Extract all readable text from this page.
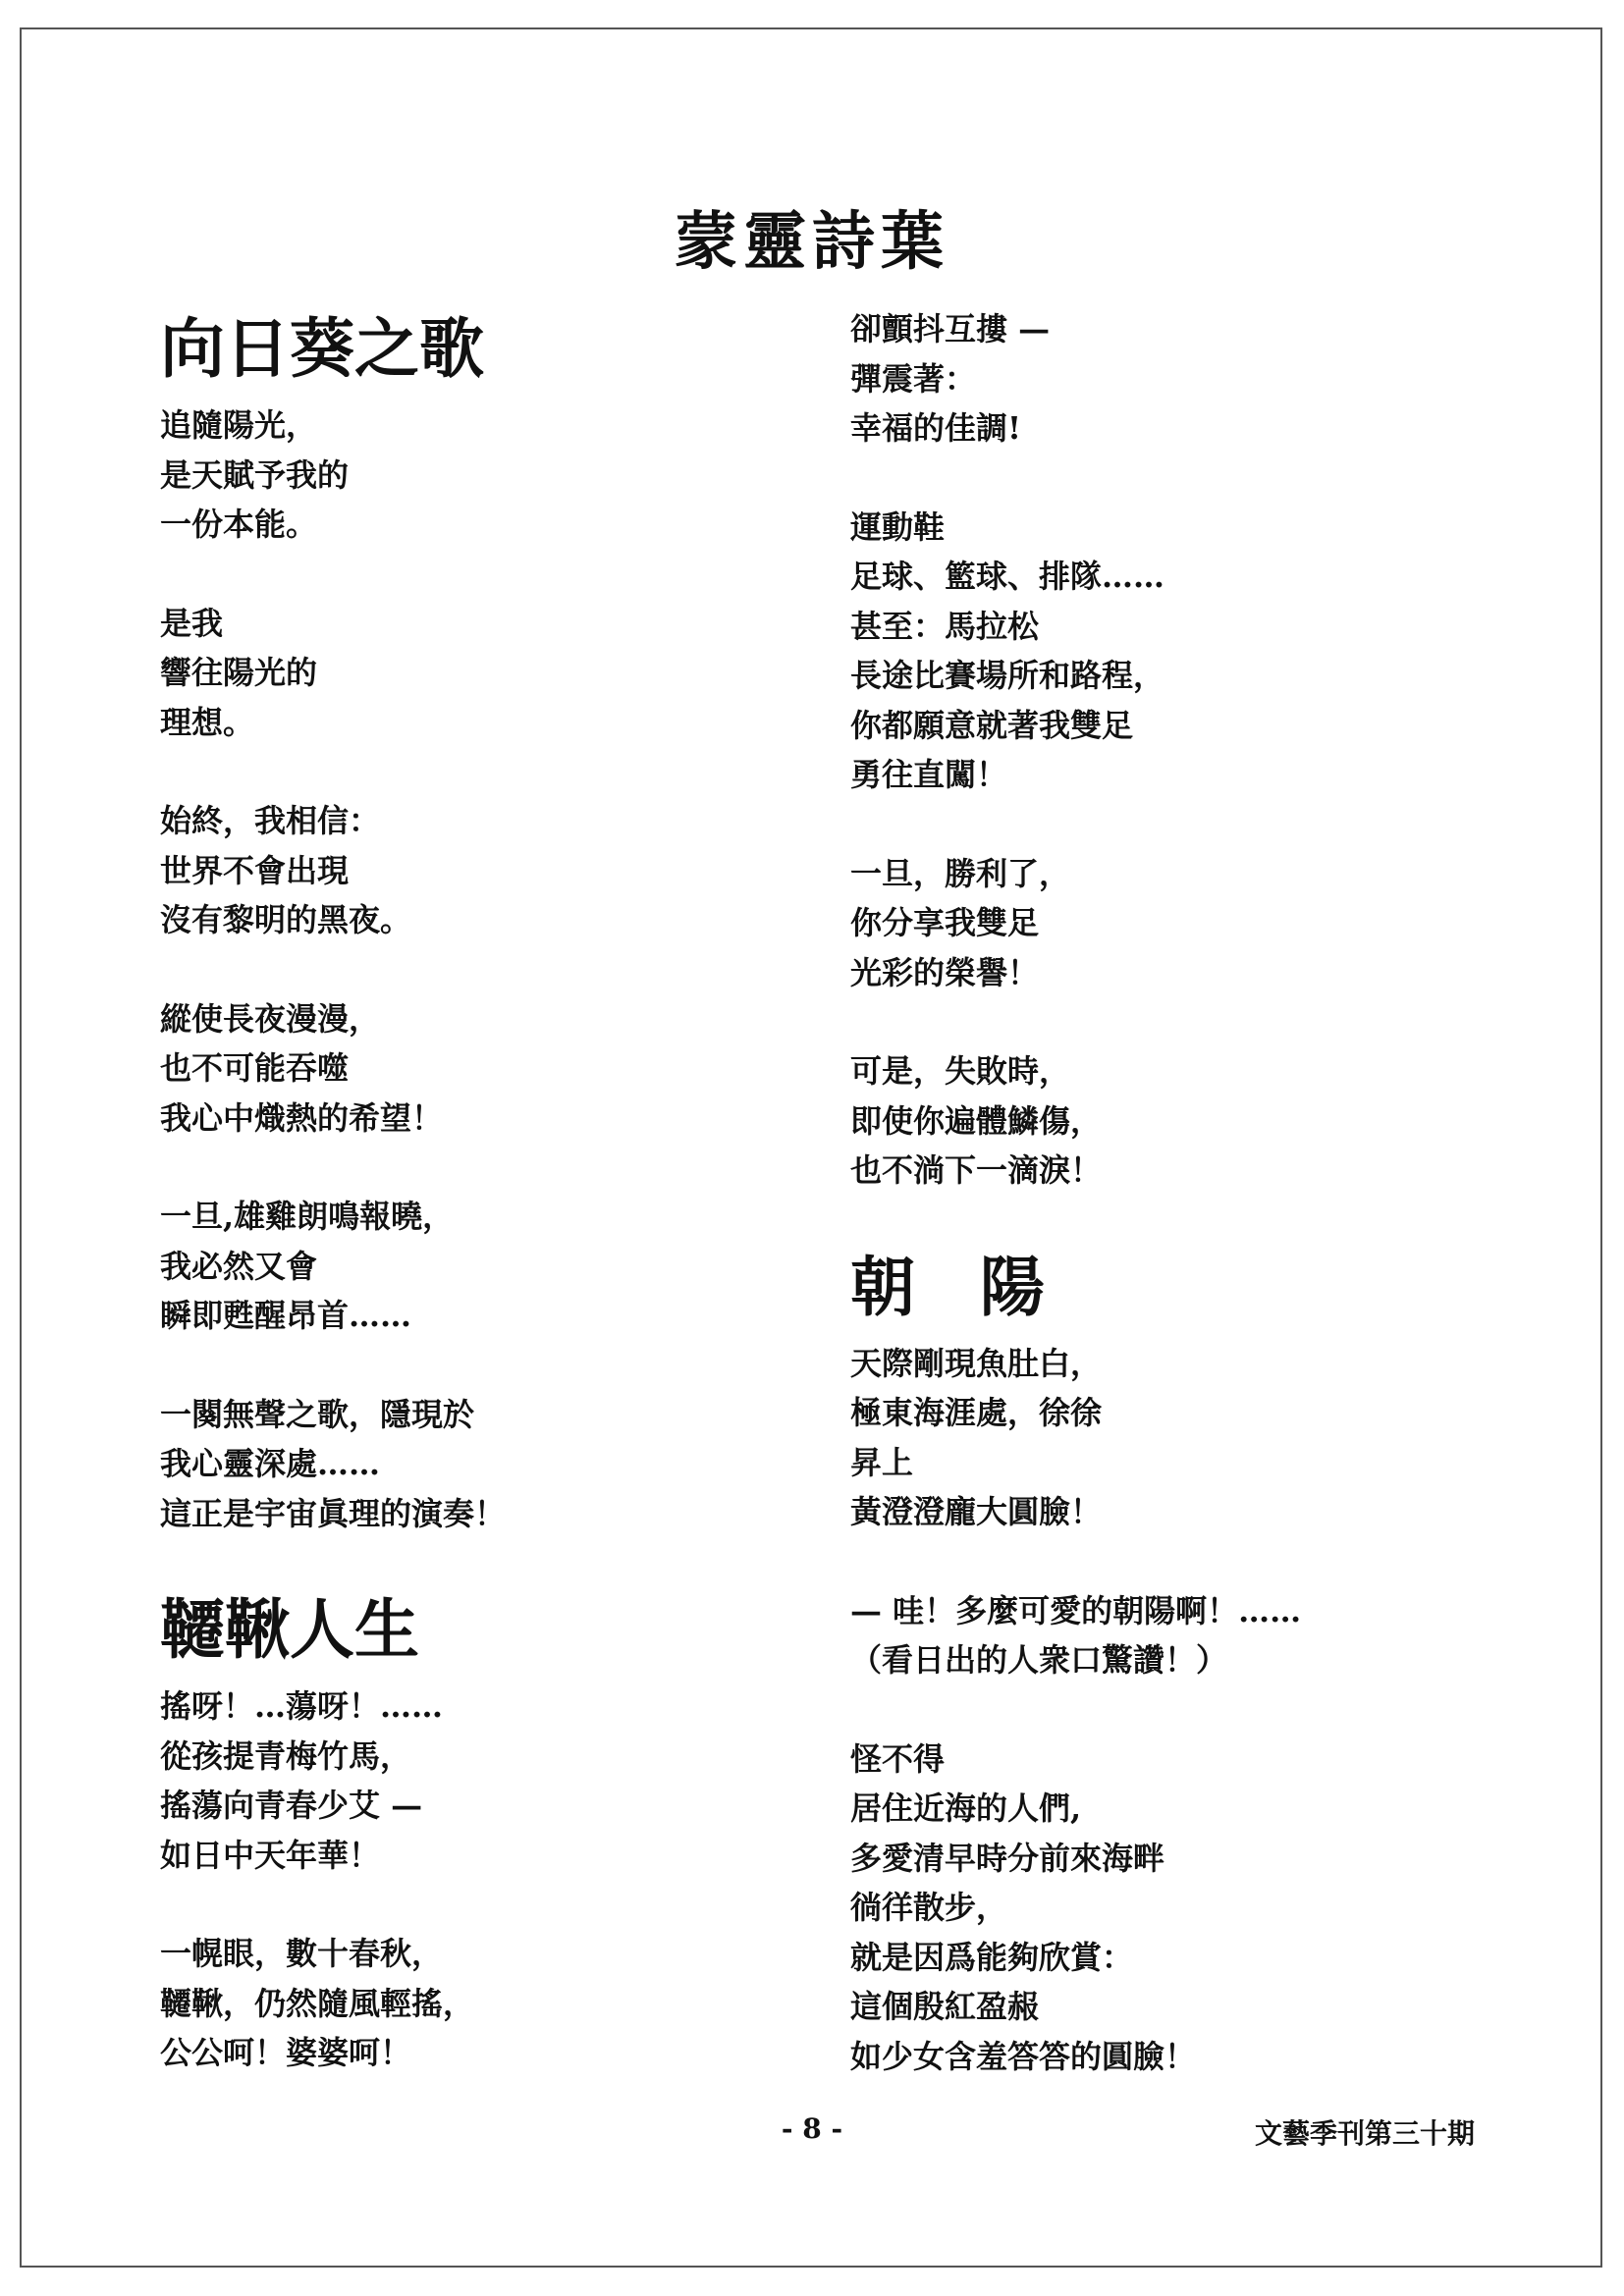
蒙靈詩葉
向日葵之歌
追隨陽光，
是天賦予我的
一份本能。
是我
響往陽光的
理想。
始終，我相信：
世界不會出現
沒有黎明的黑夜。
縱使長夜漫漫，
也不可能吞噬
我心中熾熱的希望！
一旦,雄雞朗鳴報曉，
我必然又會
瞬即甦醒昂首……
一闋無聲之歌，隱現於
我心靈深處……
這正是宇宙眞理的演奏！
韆鞦人生
搖呀！…蕩呀！……
從孩提青梅竹馬，
搖蕩向青春少艾 —
如日中天年華！
一幌眼，數十春秋，
韆鞦，仍然隨風輕搖，
公公呵！婆婆呵！
卻顫抖互摟 —
彈震著：
幸福的佳調!
運動鞋
足球、籃球、排隊……
甚至：馬拉松
長途比賽場所和路程，
你都願意就著我雙足
勇往直闖！
一旦，勝利了，
你分享我雙足
光彩的榮譽！
可是，失敗時，
即使你遍體鱗傷，
也不淌下一滴淚！
朝　陽
天際剛現魚肚白，
極東海涯處，徐徐
昇上
黃澄澄龐大圓臉！
— 哇！多麼可愛的朝陽啊！……
（看日出的人衆口驚讚！）
怪不得
居住近海的人們,
多愛清早時分前來海畔
徜徉散步，
就是因爲能夠欣賞：
這個殷紅盈赧
如少女含羞答答的圓臉！
- 8 -	文藝季刊第三十期
